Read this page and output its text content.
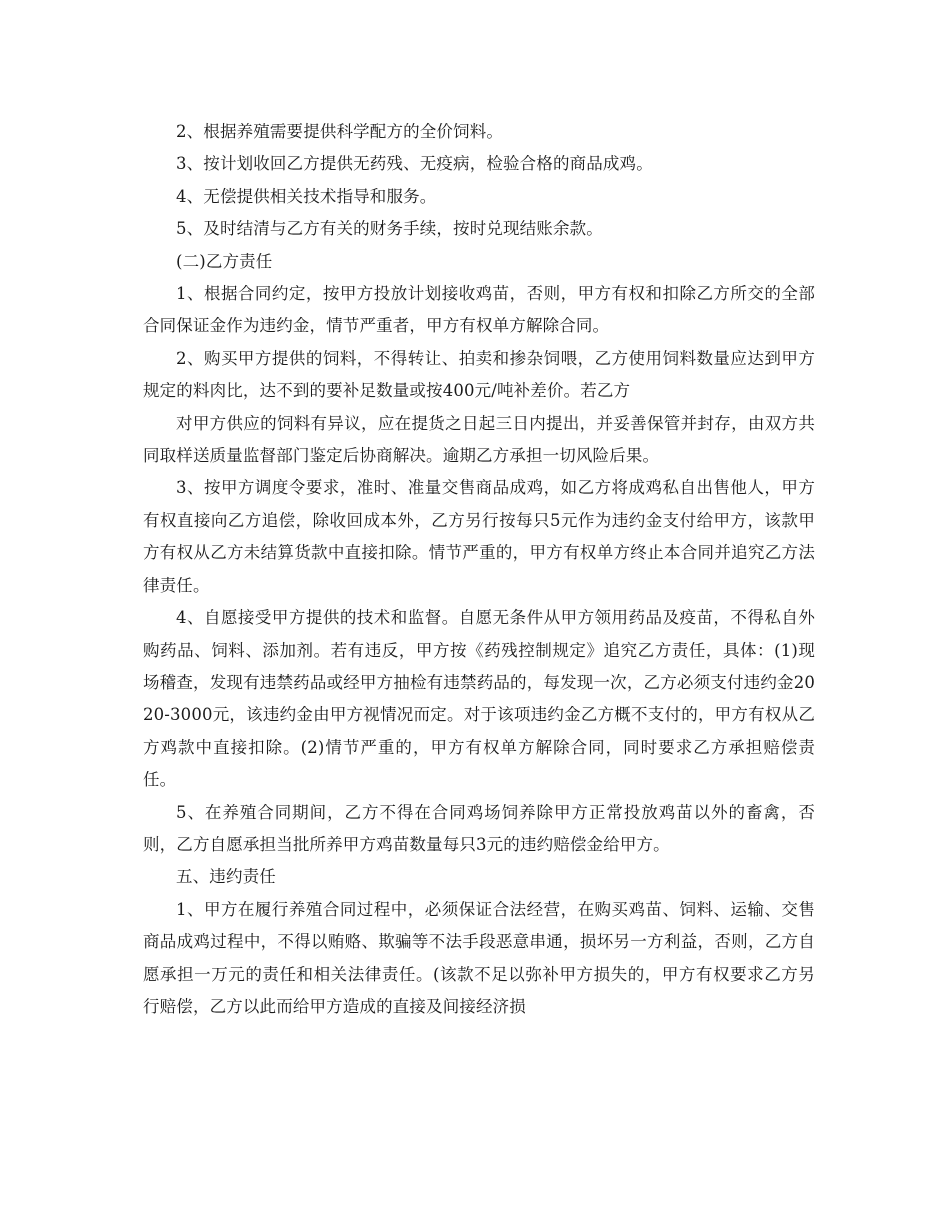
2、根据养殖需要提供科学配方的全价饲料。

3、按计划收回乙方提供无药残、无疫病，检验合格的商品成鸡。

4、无偿提供相关技术指导和服务。

5、及时结清与乙方有关的财务手续，按时兑现结账余款。

(二)乙方责任

1、根据合同约定，按甲方投放计划接收鸡苗，否则，甲方有权和扣除乙方所交的全部合同保证金作为违约金，情节严重者，甲方有权单方解除合同。

2、购买甲方提供的饲料，不得转让、拍卖和掺杂饲喂，乙方使用饲料数量应达到甲方规定的料肉比，达不到的要补足数量或按400元/吨补差价。若乙方

对甲方供应的饲料有异议，应在提货之日起三日内提出，并妥善保管并封存，由双方共同取样送质量监督部门鉴定后协商解决。逾期乙方承担一切风险后果。

3、按甲方调度令要求，准时、准量交售商品成鸡，如乙方将成鸡私自出售他人，甲方有权直接向乙方追偿，除收回成本外，乙方另行按每只5元作为违约金支付给甲方，该款甲方有权从乙方未结算货款中直接扣除。情节严重的，甲方有权单方终止本合同并追究乙方法律责任。

4、自愿接受甲方提供的技术和监督。自愿无条件从甲方领用药品及疫苗，不得私自外购药品、饲料、添加剂。若有违反，甲方按《药残控制规定》追究乙方责任，具体：(1)现场稽查，发现有违禁药品或经甲方抽检有违禁药品的，每发现一次，乙方必须支付违约金2020-3000元，该违约金由甲方视情况而定。对于该项违约金乙方概不支付的，甲方有权从乙方鸡款中直接扣除。(2)情节严重的，甲方有权单方解除合同，同时要求乙方承担赔偿责任。

5、在养殖合同期间，乙方不得在合同鸡场饲养除甲方正常投放鸡苗以外的畜禽，否则，乙方自愿承担当批所养甲方鸡苗数量每只3元的违约赔偿金给甲方。

五、违约责任

1、甲方在履行养殖合同过程中，必须保证合法经营，在购买鸡苗、饲料、运输、交售商品成鸡过程中，不得以贿赂、欺骗等不法手段恶意串通，损坏另一方利益，否则，乙方自愿承担一万元的责任和相关法律责任。(该款不足以弥补甲方损失的，甲方有权要求乙方另行赔偿，乙方以此而给甲方造成的直接及间接经济损
